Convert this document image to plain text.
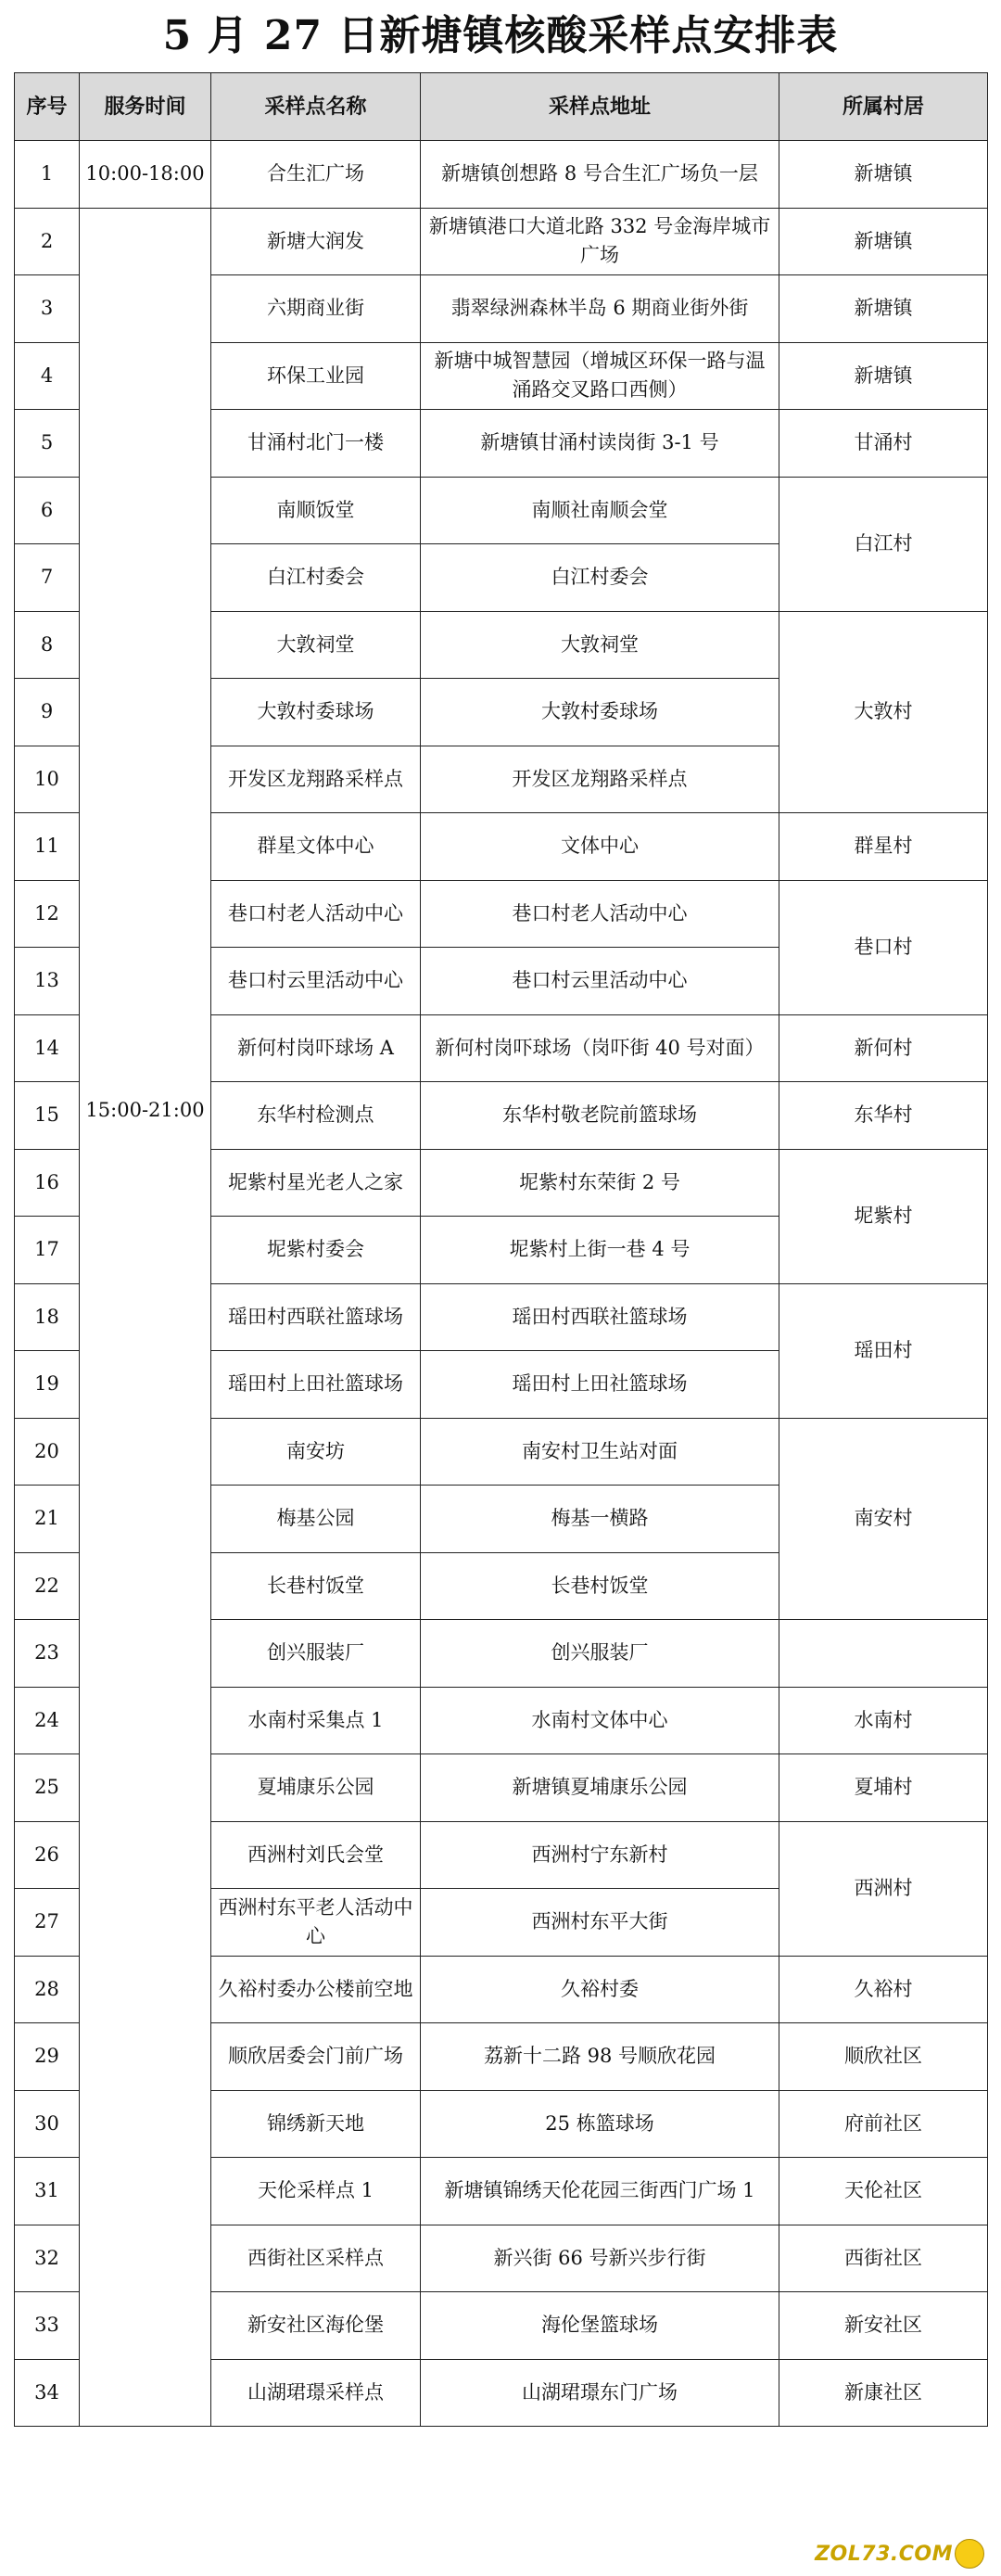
5 月 27 日新塘镇核酸采样点安排表
序号	服务时间	采样点名称	采样点地址	所属村居
1	10:00-18:00	合生汇广场	新塘镇创想路 8 号合生汇广场负一层	新塘镇
2	15:00-21:00	新塘大润发	新塘镇港口大道北路 332 号金海岸城市广场	新塘镇
3		六期商业街	翡翠绿洲森林半岛 6 期商业街外街	新塘镇
4		环保工业园	新塘中城智慧园（增城区环保一路与温涌路交叉路口西侧）	新塘镇
5		甘涌村北门一楼	新塘镇甘涌村读岗街 3-1 号	甘涌村
6		南顺饭堂	南顺社南顺会堂	白江村
7		白江村委会	白江村委会	
8		大敦祠堂	大敦祠堂	大敦村
9		大敦村委球场	大敦村委球场	
10		开发区龙翔路采样点	开发区龙翔路采样点	
11		群星文体中心	文体中心	群星村
12		巷口村老人活动中心	巷口村老人活动中心	巷口村
13		巷口村云里活动中心	巷口村云里活动中心	
14		新何村岗吓球场 A	新何村岗吓球场（岗吓街 40 号对面）	新何村
15		东华村检测点	东华村敬老院前篮球场	东华村
16		坭紫村星光老人之家	坭紫村东荣街 2 号	坭紫村
17		坭紫村委会	坭紫村上街一巷 4 号	
18		瑶田村西联社篮球场	瑶田村西联社篮球场	瑶田村
19		瑶田村上田社篮球场	瑶田村上田社篮球场	
20		南安坊	南安村卫生站对面	南安村
21		梅基公园	梅基一横路	
22		长巷村饭堂	长巷村饭堂	
23		创兴服装厂	创兴服装厂	
24		水南村采集点 1	水南村文体中心	水南村
25		夏埔康乐公园	新塘镇夏埔康乐公园	夏埔村
26		西洲村刘氏会堂	西洲村宁东新村	西洲村
27		西洲村东平老人活动中心	西洲村东平大街	
28		久裕村委办公楼前空地	久裕村委	久裕村
29		顺欣居委会门前广场	荔新十二路 98 号顺欣花园	顺欣社区
30		锦绣新天地	25 栋篮球场	府前社区
31		天伦采样点 1	新塘镇锦绣天伦花园三街西门广场 1	天伦社区
32		西街社区采样点	新兴街 66 号新兴步行街	西街社区
33		新安社区海伦堡	海伦堡篮球场	新安社区
34		山湖珺璟采样点	山湖珺璟东门广场	新康社区
ZOL73.COM
